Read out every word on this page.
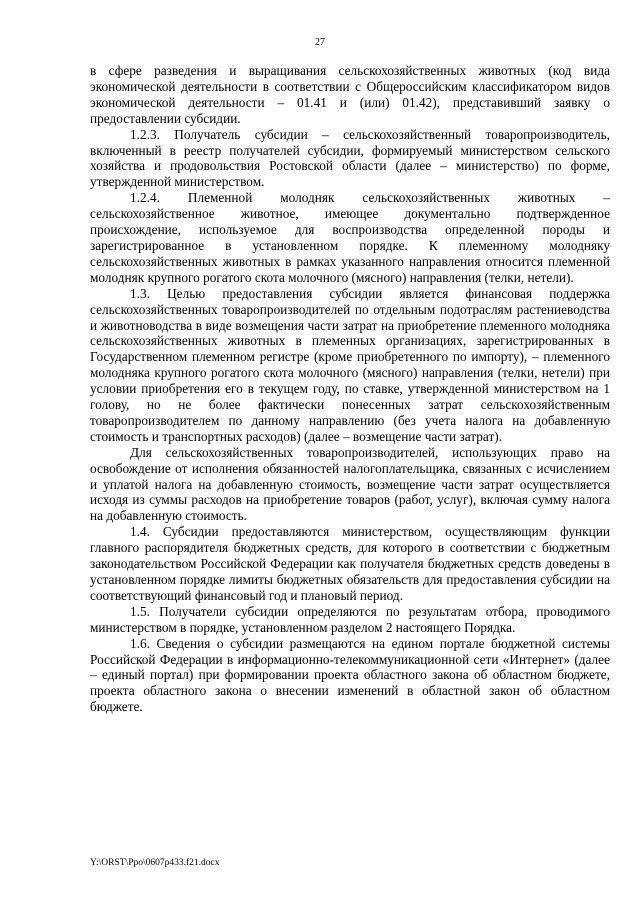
27

в сфере разведения и выращивания сельскохозяйственных животных (код вида экономической деятельности в соответствии с Общероссийским классификатором видов экономической деятельности – 01.41 и (или) 01.42), представивший заявку о предоставлении субсидии.

1.2.3. Получатель субсидии – сельскохозяйственный товаропроизводитель, включенный в реестр получателей субсидии, формируемый министерством сельского хозяйства и продовольствия Ростовской области (далее – министерство) по форме, утвержденной министерством.

1.2.4. Племенной молодняк сельскохозяйственных животных – сельскохозяйственное животное, имеющее документально подтвержденное происхождение, используемое для воспроизводства определенной породы и зарегистрированное в установленном порядке. К племенному молодняку сельскохозяйственных животных в рамках указанного направления относится племенной молодняк крупного рогатого скота молочного (мясного) направления (телки, нетели).

1.3. Целью предоставления субсидии является финансовая поддержка сельскохозяйственных товаропроизводителей по отдельным подотраслям растениеводства и животноводства в виде возмещения части затрат на приобретение племенного молодняка сельскохозяйственных животных в племенных организациях, зарегистрированных в Государственном племенном регистре (кроме приобретенного по импорту), – племенного молодняка крупного рогатого скота молочного (мясного) направления (телки, нетели) при условии приобретения его в текущем году, по ставке, утвержденной министерством на 1 голову, но не более фактически понесенных затрат сельскохозяйственным товаропроизводителем по данному направлению (без учета налога на добавленную стоимость и транспортных расходов) (далее – возмещение части затрат).

Для сельскохозяйственных товаропроизводителей, использующих право на освобождение от исполнения обязанностей налогоплательщика, связанных с исчислением и уплатой налога на добавленную стоимость, возмещение части затрат осуществляется исходя из суммы расходов на приобретение товаров (работ, услуг), включая сумму налога на добавленную стоимость.

1.4. Субсидии предоставляются министерством, осуществляющим функции главного распорядителя бюджетных средств, для которого в соответствии с бюджетным законодательством Российской Федерации как получателя бюджетных средств доведены в установленном порядке лимиты бюджетных обязательств для предоставления субсидии на соответствующий финансовый год и плановый период.

1.5. Получатели субсидии определяются по результатам отбора, проводимого министерством в порядке, установленном разделом 2 настоящего Порядка.

1.6. Сведения о субсидии размещаются на едином портале бюджетной системы Российской Федерации в информационно-телекоммуникационной сети «Интернет» (далее – единый портал) при формировании проекта областного закона об областном бюджете, проекта областного закона о внесении изменений в областной закон об областном бюджете.

Y:\ORST\Ppo\0607p433.f21.docx
